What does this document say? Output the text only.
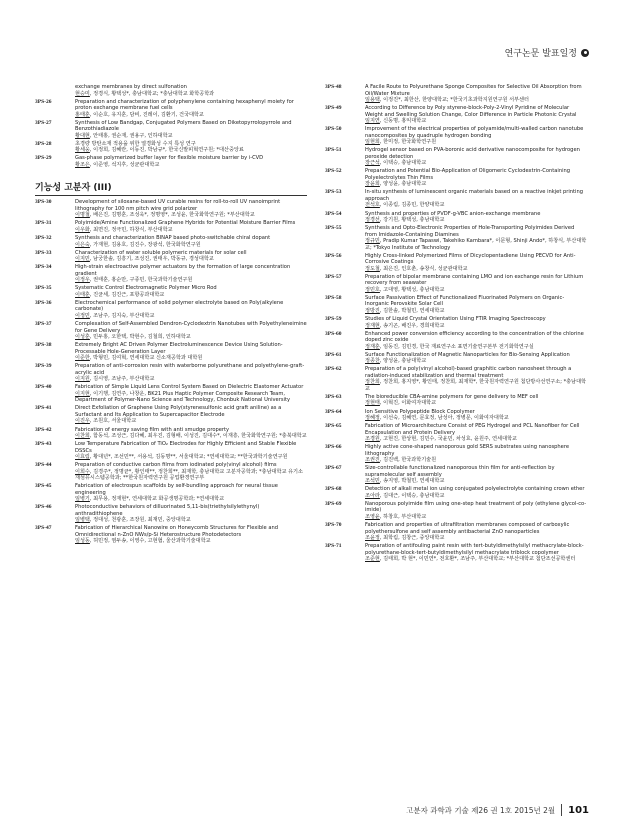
연구논문 발표일정
exchange membranes by direct sulfonation
현승미, 정경식, 황택성*, 충남대학교; *충남대학교 화학공학과
3PS-26	Preparation and characterization of polyphenylene containing hexaphenyl moiety for proton exchange membrane fuel cells
홍태훈, 이순호, 유지훈, 담비, 진레이, 김환기, 건국대학교
3PS-27	Synthesis of Low Bandgap, Conjugated Polymers Based on Diketopyrrolopyrrole and Benzothiadiazole
황대현, 안태홍, 권순재, 권용구, 인하대학교
3PS-28	초경량 방탄소재 적용을 위한 열경화성 수지 특성 연구
황세웅, 이정희, 김혜란, 이동진, 박남규*, 한국신발피혁연구원; *대산중앙료
3PS-29	Gas-phase polymerized buffer layer for flexible moisture barrier by i-CVD
황조은, 이준영, 석지후, 성균관대학교
기능성 고분자 (III)
3PS-30	Development of siloxane-based UV curable resins for roll-to-roll UV nanoimprint lithography for 100 nm pitch wire grid polarizer
이명철, 배은진, 김명훈, 조성욱*, 정명영*, 조성윤, 한국화학연구원; *부산대학교
3PS-31	Polyimide/Amine Functionalized Graphene Hybrids for Potential Moisture Barrier Films
이우화, 최면진, 정극민, 하창식, 부산대학교
3PS-32	Synthesis and characterization BINAP based photo-switchable chiral dopant
이은숙, 가재현, 김용호, 김진수, 장광석, 한국화학연구원
3PS-33	Characterization of water soluble polymeric materials for solar cell
이지민, 남궁한솔, 김흥기, 조성진, 권태우, 박동규, 경성대학교
3PS-34	High-strain electroactive polymer actuators by the formation of large concentration gradient
이정우, 권태훈, 홍순만, 구종민, 한국과학기술연구원
3PS-35	Systematic Control Electromagnetic Polymer Micro Rod
이태훈, 진균세, 김진근, 포항공과대학교
3PS-36	Electrochemical performance of solid polymer electrolyte based on Poly(alkylene carbonate)
이정민, 조남주, 김지숙, 부산대학교
3PS-37	Complexation of Self-Assembled Dendron-Cyclodextrin Nanotubes with Polyethyleneimine for Gene Delivery
이성훈, 민두홍, 오한택, 박현수, 김철희, 인하대학교
3PS-38	Extremely Bright AC Driven Polymer Electroluminescence Device Using Solution-Processable Hole-Generation Layer
이준한, 박형민, 김여혁, 연세대학교 신소재공학과 대학원
3PS-39	Preparation of anti-corrosion resin with waterborne polyurethane and polyethylene-graft-acrylic acid
이지원, 김시영, 조남주, 부산대학교
3PS-40	Fabrication of Simple Liquid Lens Control System Based on Dielectric Elastomer Actuator
이지현, 이기행, 김연주, 나창운, BK21 Plus Haptic Polymer Composite Research Team, Department of Polymer-Nano Science and Technology, Chonbuk National University
3PS-41	Direct Exfoliation of Graphene Using Poly(styrenesulfonic acid graft aniline) as a Surfactant and Its Application to Supercapacitor Electrode
이진우, 조원호, 서울대학교
3PS-42	Fabrication of energy saving film with anti smudge property
이찬희, 함동석, 조성근, 김다혜, 최우진, 김형배, 이성진, 김대수*, 이재흥, 한국화학연구원; *충북대학교
3PS-43	Low Temperature Fabrication of TiO₂ Electrodes for Highly Efficient and Stable Flexible DSSCs
이효림, 황대년*, 조선민**, 서용석, 김동명**, 서울대학교; *연세대학교; **한국과학기술연구원
3PS-44	Preparation of conductive carbon films from iodinated poly(vinyl alcohol) films
이희수, 김경주*, 정명균*, 황인태**, 정찬희**, 최재학, 충남대학교 고분자공학과; *충남대학교 유기소재섬유시스템공학과; **한국원자력연구원 공업환경연구부
3PS-45	Fabrication of electrospun scaffolds by self-bundling approach for neural tissue engineering
임병기, 최무용, 정재현*, 연세대학교 화공생명공학과; *연세대학교
3PS-46	Photoconductive behaviors of dilluorinated 5,11-bis(triethylsilylethynyl) anthradithiophene
임병택, 정대성, 천광훈, 조장원, 최재민, 중앙대학교
3PS-47	Fabrication of Hierarchical Nanowire on Honeycomb Structures for Flexible and Omnidirectional n-ZnO NWs/p-Si Heterostructure Photodetectors
임성동, 허민정, 염두송, 이영수, 고현협, 울산과학기술대학교
3PS-48	A Facile Route to Polyurethane Sponge Composites for Selective Oil Absorption from Oil/Water Mixture
임용택, 이정진*, 최한산, 한양대학교; *한국기초과학지원연구원 서부센터
3PS-49	According to Difference by Poly styrene-block-Poly-2-Vinyl Pyridine of Molecular Weight and Swelling Solution Change, Color Difference in Particle Photonic Crystal
임지연, 신동명, 홍익대학교
3PS-50	Improvement of the electrical properties of polyamide/multi-walled carbon nanotube nanocomposites by quadruple hydrogen bonding
임현희, 한미정, 한국화학연구원
3PS-51	Hydrogel sensor based on PVA-boronic acid derivative nanocomposite for hydrogen peroxide detection
장근석, 이택승, 충남대학교
3PS-52	Preparation and Potential Bio-Application of Oligomeric Cyclodextrin-Containing Polyelectrolytes Thin Films
장윤희, 양성윤, 충남대학교
3PS-53	In-situ synthesis of luminescent organic materials based on a reactive inkjet printing approach
전석호, 이종림, 김종민, 한양대학교
3PS-54	Synthesis and properties of PVDF-g-VBC anion-exchange membrane
정경선, 강기원, 황택성, 충남대학교
3PS-55	Synthesis and Opto-Electronic Properties of Hole-Transporting Polyimides Derived from Imidazole-Containing Diamines
정규민, Pradip Kumar Tapaswi, Takehiko Kambara*, 이문형, Shinji Ando*, 하창식, 부산대학교; *Tokyo Institute of Technology
3PS-56	Highly Cross-linked Polymerized Films of Dicyclopentadiene Using PECVD for Anti-Corrosive Coatings
정도철, 최은진, 인호춘, 송창식, 성균관대학교
3PS-57	Preparation of bipolar membrane containing LMO and ion exchange resin for Lithium recovery from seawater
정민호, 고대영, 황택성, 충남대학교
3PS-58	Surface Passivation Effect of Functionalized Fluorinated Polymers on Organic-Inorganic Perovskite Solar Cell
정방진, 김한솔, 박철민, 연세대학교
3PS-59	Studies of Liquid Crystal Orientation Using FTIR Imaging Spectroscopy
정재현, 송기곤, 배진우, 경희대학교
3PS-60	Enhanced power conversion efficiency according to the concentration of the chlorine doped zinc oxide
정재훈, 임동진, 김민경, 한국 재료연구소 표면기술연구본부 전기화학연구실
3PS-61	Surface Functionalization of Magnetic Nanoparticles for Bio-Sensing Application
정종찬, 양성윤, 충남대학교
3PS-62	Preparation of a poly(vinyl alcohol)-based graphitic carbon nanosheet through a radiation-induced stabilization and thermal treatment
정찬희, 정찬희, 홍지영*, 황인태, 정찬희, 최재학*, 한국원자력연구원 첨단방사선연구소; *충남대학교
3PS-63	The bioreducible CBA-amine polymers for gene delivery to MEF cell
정현태, 이혁진, 이화여자대학교
3PS-64	Ion Sensitive Polypeptide Block Copolymer
정혜정, 이선숙, 김혜연, 문효정, 남성아, 정병문, 이화여자대학교
3PS-65	Fabrication of Microarchitecture Consist of PEG Hydrogel and PCL Nanofiber for Cell Encapsulation and Protein Delivery
조경원, 고현진, 한상현, 김민수, 국윤민, 차성효, 윤원주, 연세대학교
3PS-66	Highly active cone-shaped nanoporous gold SERS substrates using nanosphere lithography
조권진, 김진백, 한국과학기술원
3PS-67	Size-controllable functionalized nanoporous thin film for anti-reflection by supramolecular self assembly
조석민, 송지영, 박철민, 연세대학교
3PS-68	Detection of alkali metal ion using conjugated polyelectrolyte containing crown ether
조아라, 김대근, 이택승, 충남대학교
3PS-69	Nanoporous polyimide film using one-step heat treatment of poly (ethylene glycol-co-imide)
조영윤, 하창호, 부산대학교
3PS-70	Fabrication and properties of ultrafiltration membranes composed of carboxylic polyethersulfone and self assembly antibacterial ZnO nanoparticles
조윤정, 최학림, 김창근, 중앙대학교
3PS-71	Preparation of antifouling paint resin with tert-butyldimethylsilyl methacrylate-block-polyurethane-block-tert-butyldimethylsilyl methacrylate triblock copolymer
조준현, 김태희, 박 현*, 이민연*, 전호환*, 조남주, 부산대학교; *부산대학교 첨단조선공학센터
고분자 과학과 기술 제26 권 1호 2015년 2월 101
